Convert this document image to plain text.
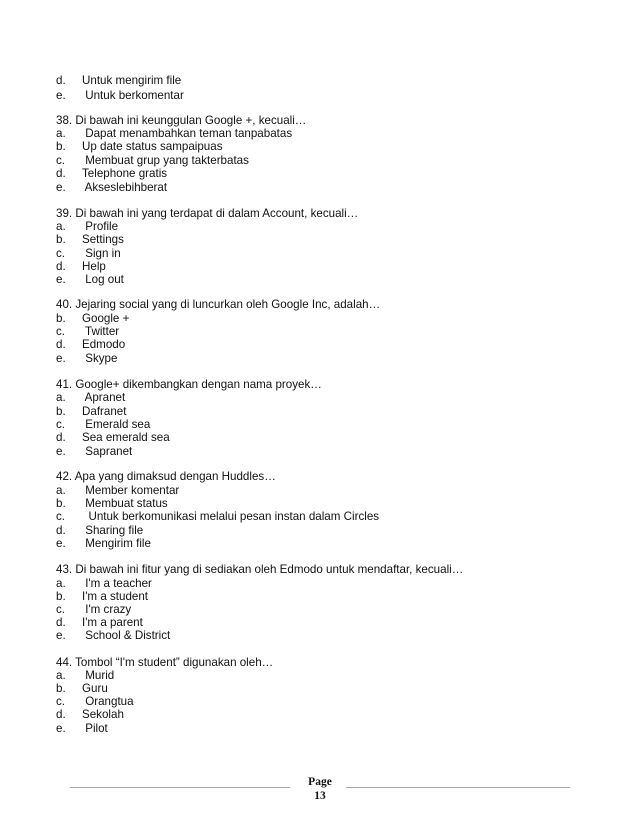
d. Untuk mengirim file
e. Untuk berkomentar
38. Di bawah ini keunggulan Google +, kecuali…
a. Dapat menambahkan teman tanpabatas
b. Up date status sampaipuas
c. Membuat grup yang takterbatas
d. Telephone gratis
e. Akseslebihberat
39. Di bawah ini yang terdapat di dalam Account, kecuali…
a. Profile
b. Settings
c. Sign in
d. Help
e. Log out
40. Jejaring social yang di luncurkan oleh Google Inc, adalah…
b. Google +
c. Twitter
d. Edmodo
e. Skype
41. Google+ dikembangkan dengan nama proyek…
a. Apranet
b. Dafranet
c. Emerald sea
d. Sea emerald sea
e. Sapranet
42. Apa yang dimaksud dengan Huddles…
a. Member komentar
b. Membuat status
c.  Untuk berkomunikasi melalui pesan instan dalam Circles
d. Sharing file
e. Mengirim file
43. Di bawah ini fitur yang di sediakan oleh Edmodo untuk mendaftar, kecuali…
a. I'm a teacher
b. I'm a student
c. I'm crazy
d. I'm a parent
e. School & District
44. Tombol “I'm student” digunakan oleh…
a. Murid
b. Guru
c. Orangtua
d. Sekolah
e. Pilot
Page
13
